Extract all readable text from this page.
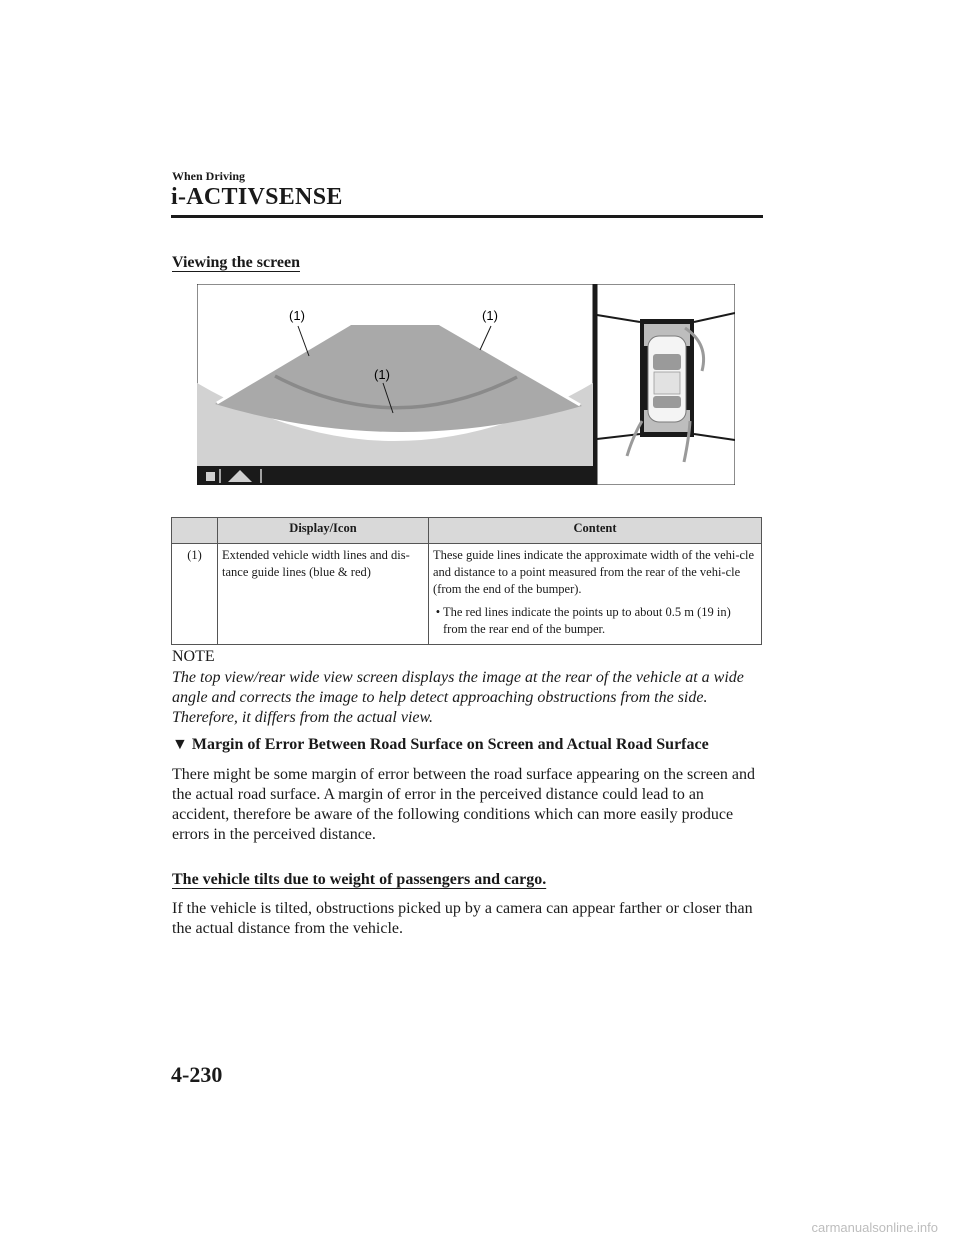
When Driving
i-ACTIVSENSE
Viewing the screen
(1)	(1)
(1)
	Display/Icon	Content
(1)	Extended vehicle width lines and dis-tance guide lines (blue & red)	These guide lines indicate the approximate width of the vehi-cle and distance to a point measured from the rear of the vehi-cle (from the end of the bumper).
• The red lines indicate the points up to about 0.5 m (19 in) from the rear end of the bumper.
NOTE
The top view/rear wide view screen displays the image at the rear of the vehicle at a wide angle and corrects the image to help detect approaching obstructions from the side. Therefore, it differs from the actual view.
▼ Margin of Error Between Road Surface on Screen and Actual Road Surface
There might be some margin of error between the road surface appearing on the screen and the actual road surface. A margin of error in the perceived distance could lead to an accident, therefore be aware of the following conditions which can more easily produce errors in the perceived distance.
The vehicle tilts due to weight of passengers and cargo.
If the vehicle is tilted, obstructions picked up by a camera can appear farther or closer than the actual distance from the vehicle.
4-230
carmanualsonline.info
